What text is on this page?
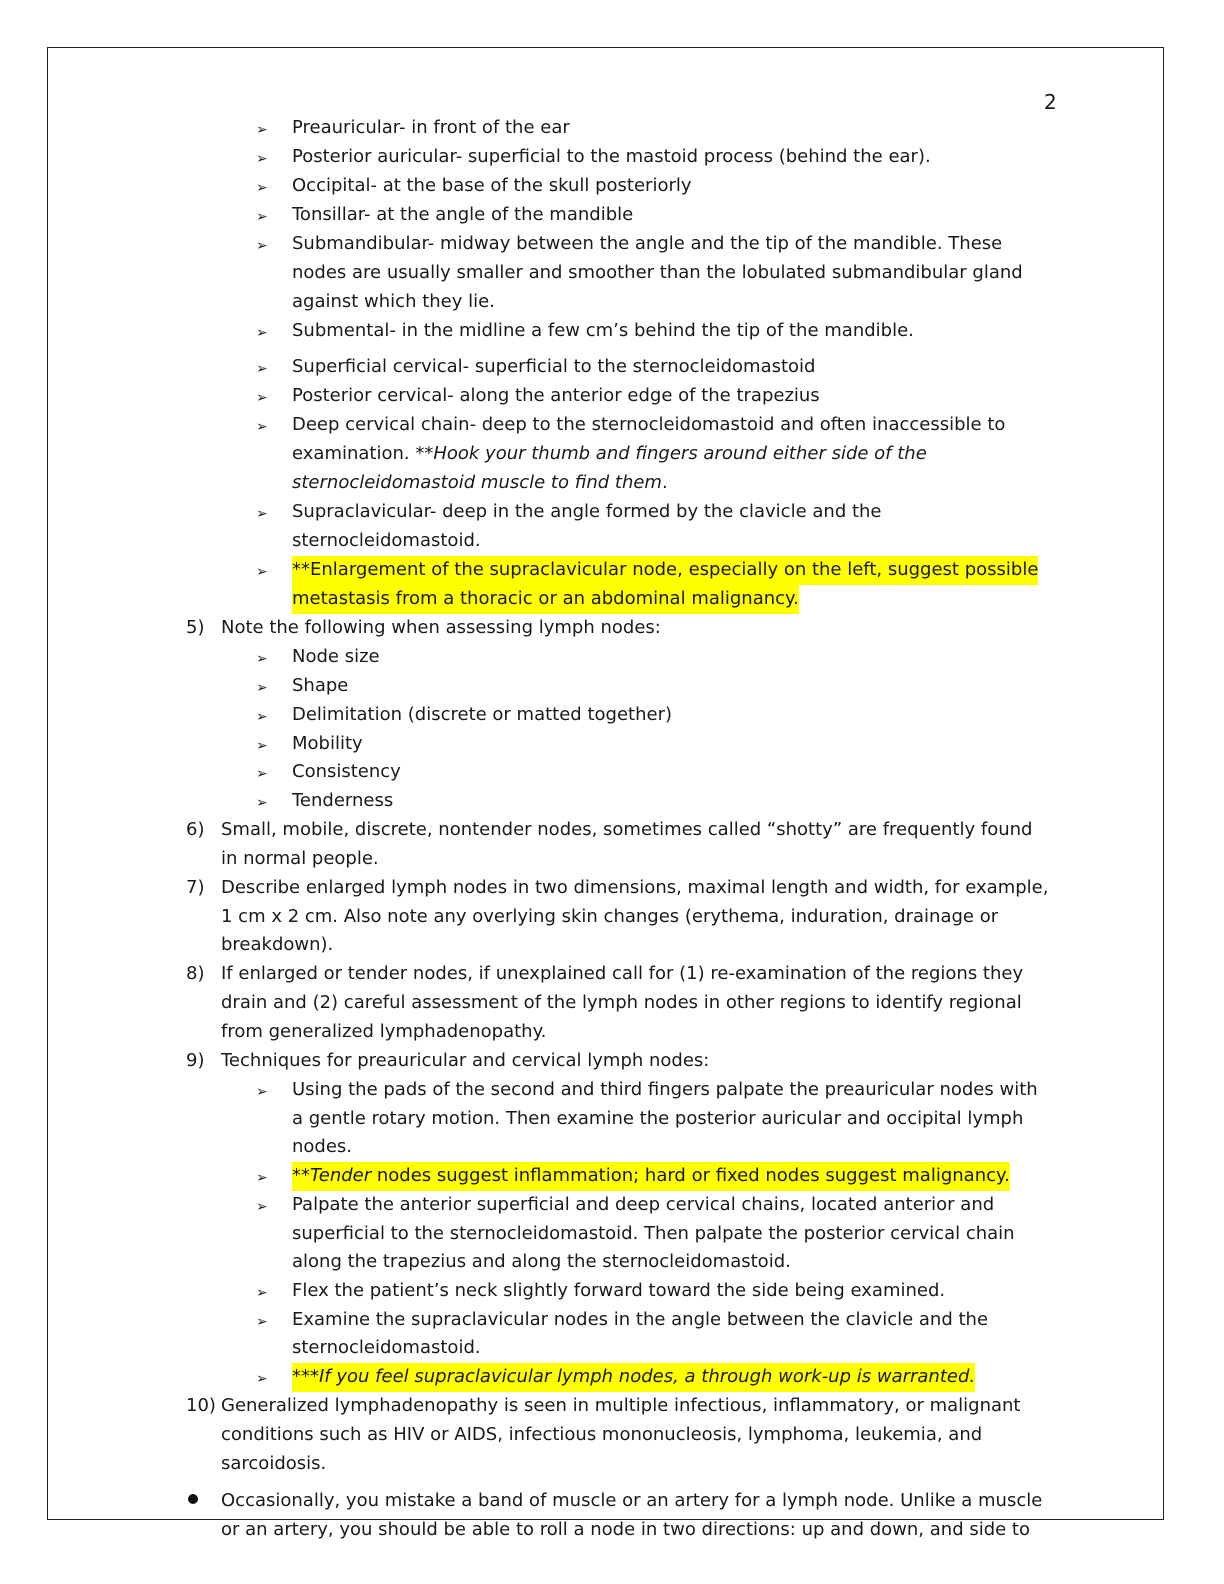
2
➢ Preauricular- in front of the ear
➢ Posterior auricular- superficial to the mastoid process (behind the ear).
➢ Occipital- at the base of the skull posteriorly
➢ Tonsillar- at the angle of the mandible
➢ Submandibular- midway between the angle and the tip of the mandible. These
nodes are usually smaller and smoother than the lobulated submandibular gland
against which they lie.
➢ Submental- in the midline a few cm’s behind the tip of the mandible.
➢ Superficial cervical- superficial to the sternocleidomastoid
➢ Posterior cervical- along the anterior edge of the trapezius
➢ Deep cervical chain- deep to the sternocleidomastoid and often inaccessible to
examination. **Hook your thumb and fingers around either side of the
sternocleidomastoid muscle to find them.
➢ Supraclavicular- deep in the angle formed by the clavicle and the
sternocleidomastoid.
➢ **Enlargement of the supraclavicular node, especially on the left, suggest possible
metastasis from a thoracic or an abdominal malignancy.
5) Note the following when assessing lymph nodes:
➢ Node size
➢ Shape
➢ Delimitation (discrete or matted together)
➢ Mobility
➢ Consistency
➢ Tenderness
6) Small, mobile, discrete, nontender nodes, sometimes called “shotty” are frequently found
in normal people.
7) Describe enlarged lymph nodes in two dimensions, maximal length and width, for example,
1 cm x 2 cm. Also note any overlying skin changes (erythema, induration, drainage or
breakdown).
8) If enlarged or tender nodes, if unexplained call for (1) re-examination of the regions they
drain and (2) careful assessment of the lymph nodes in other regions to identify regional
from generalized lymphadenopathy.
9) Techniques for preauricular and cervical lymph nodes:
➢ Using the pads of the second and third fingers palpate the preauricular nodes with
a gentle rotary motion. Then examine the posterior auricular and occipital lymph
nodes.
➢ **Tender nodes suggest inflammation; hard or fixed nodes suggest malignancy.
➢ Palpate the anterior superficial and deep cervical chains, located anterior and
superficial to the sternocleidomastoid. Then palpate the posterior cervical chain
along the trapezius and along the sternocleidomastoid.
➢ Flex the patient’s neck slightly forward toward the side being examined.
➢ Examine the supraclavicular nodes in the angle between the clavicle and the
sternocleidomastoid.
➢ ***If you feel supraclavicular lymph nodes, a through work-up is warranted.
10) Generalized lymphadenopathy is seen in multiple infectious, inflammatory, or malignant
conditions such as HIV or AIDS, infectious mononucleosis, lymphoma, leukemia, and
sarcoidosis.
Occasionally, you mistake a band of muscle or an artery for a lymph node. Unlike a muscle
or an artery, you should be able to roll a node in two directions: up and down, and side to
